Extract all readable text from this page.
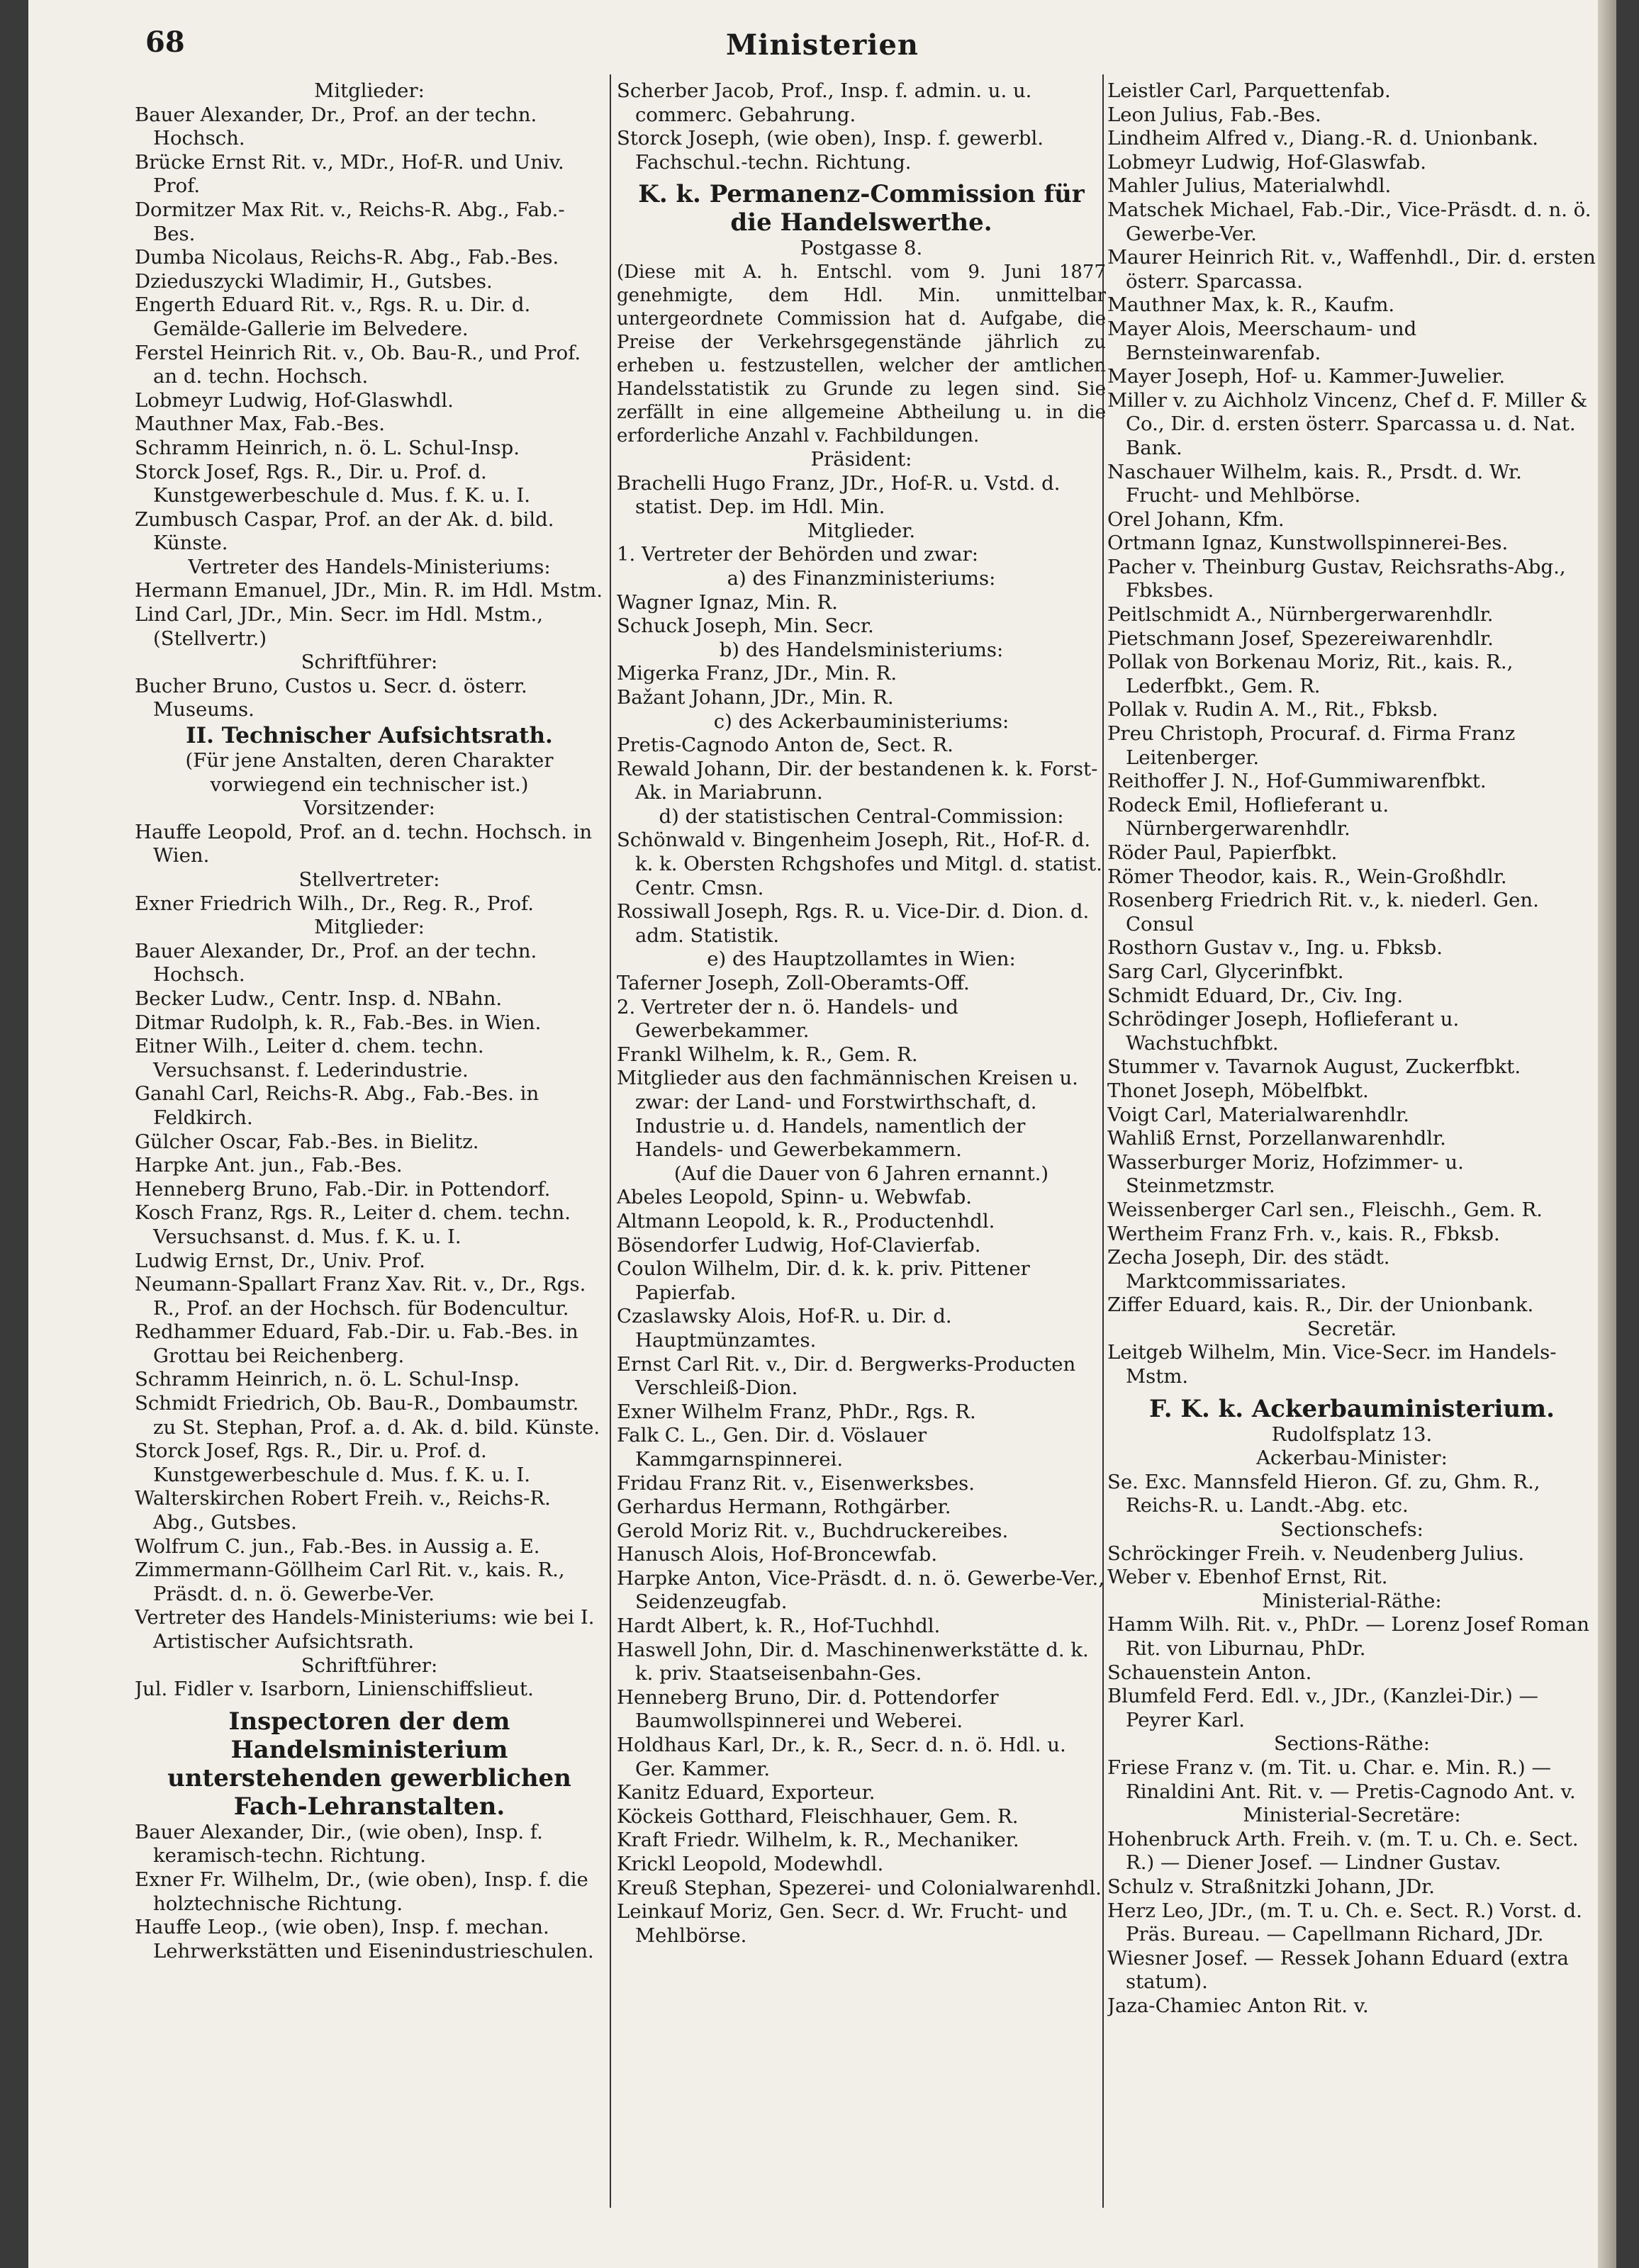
68	Ministerien

Mitglieder:

Bauer Alexander, Dr., Prof. an der techn. Hochsch.

Brücke Ernst Rit. v., MDr., Hof-R. und Univ. Prof.

Dormitzer Max Rit. v., Reichs-R. Abg., Fab.-Bes.

Dumba Nicolaus, Reichs-R. Abg., Fab.-Bes.

Dzieduszycki Wladimir, H., Gutsbes.

Engerth Eduard Rit. v., Rgs. R. u. Dir. d. Gemälde-Gallerie im Belvedere.

Ferstel Heinrich Rit. v., Ob. Bau-R., und Prof. an d. techn. Hochsch.

Lobmeyr Ludwig, Hof-Glaswhdl.

Mauthner Max, Fab.-Bes.

Schramm Heinrich, n. ö. L. Schul-Insp.

Storck Josef, Rgs. R., Dir. u. Prof. d. Kunstgewerbeschule d. Mus. f. K. u. I.

Zumbusch Caspar, Prof. an der Ak. d. bild. Künste.

Vertreter des Handels-Ministeriums:

Hermann Emanuel, JDr., Min. R. im Hdl. Mstm.

Lind Carl, JDr., Min. Secr. im Hdl. Mstm., (Stellvertr.)

Schriftführer:

Bucher Bruno, Custos u. Secr. d. österr. Museums.

II. Technischer Aufsichtsrath.

(Für jene Anstalten, deren Charakter vorwiegend ein technischer ist.)

Vorsitzender:

Hauffe Leopold, Prof. an d. techn. Hochsch. in Wien.

Stellvertreter:

Exner Friedrich Wilh., Dr., Reg. R., Prof.

Mitglieder:

Bauer Alexander, Dr., Prof. an der techn. Hochsch.

Becker Ludw., Centr. Insp. d. NBahn.

Ditmar Rudolph, k. R., Fab.-Bes. in Wien.

Eitner Wilh., Leiter d. chem. techn. Versuchsanst. f. Lederindustrie.

Ganahl Carl, Reichs-R. Abg., Fab.-Bes. in Feldkirch.

Gülcher Oscar, Fab.-Bes. in Bielitz.

Harpke Ant. jun., Fab.-Bes.

Henneberg Bruno, Fab.-Dir. in Pottendorf.

Kosch Franz, Rgs. R., Leiter d. chem. techn. Versuchsanst. d. Mus. f. K. u. I.

Ludwig Ernst, Dr., Univ. Prof.

Neumann-Spallart Franz Xav. Rit. v., Dr., Rgs. R., Prof. an der Hochsch. für Bodencultur.

Redhammer Eduard, Fab.-Dir. u. Fab.-Bes. in Grottau bei Reichenberg.

Schramm Heinrich, n. ö. L. Schul-Insp.

Schmidt Friedrich, Ob. Bau-R., Dombaumstr. zu St. Stephan, Prof. a. d. Ak. d. bild. Künste.

Storck Josef, Rgs. R., Dir. u. Prof. d. Kunstgewerbeschule d. Mus. f. K. u. I.

Walterskirchen Robert Freih. v., Reichs-R. Abg., Gutsbes.

Wolfrum C. jun., Fab.-Bes. in Aussig a. E.

Zimmermann-Göllheim Carl Rit. v., kais. R., Präsdt. d. n. ö. Gewerbe-Ver.

Vertreter des Handels-Ministeriums: wie bei I. Artistischer Aufsichtsrath.

Schriftführer:

Jul. Fidler v. Isarborn, Linienschiffslieut.

Inspectoren der dem Handelsministerium unterstehenden gewerblichen Fach-Lehranstalten.

Bauer Alexander, Dir., (wie oben), Insp. f. keramisch-techn. Richtung.

Exner Fr. Wilhelm, Dr., (wie oben), Insp. f. die holztechnische Richtung.

Hauffe Leop., (wie oben), Insp. f. mechan. Lehrwerkstätten und Eisenindustrieschulen.

Scherber Jacob, Prof., Insp. f. admin. u. u. commerc. Gebahrung.

Storck Joseph, (wie oben), Insp. f. gewerbl. Fachschul.-techn. Richtung.

K. k. Permanenz-Commission für die Handelswerthe.

Postgasse 8.

(Diese mit A. h. Entschl. vom 9. Juni 1877 genehmigte, dem Hdl. Min. unmittelbar untergeordnete Commission hat d. Aufgabe, die Preise der Verkehrsgegenstände jährlich zu erheben u. festzustellen, welcher der amtlichen Handelsstatistik zu Grunde zu legen sind. Sie zerfällt in eine allgemeine Abtheilung u. in die erforderliche Anzahl v. Fachbildungen.

Präsident:

Brachelli Hugo Franz, JDr., Hof-R. u. Vstd. d. statist. Dep. im Hdl. Min.

Mitglieder.

1. Vertreter der Behörden und zwar:

a) des Finanzministeriums:

Wagner Ignaz, Min. R.

Schuck Joseph, Min. Secr.

b) des Handelsministeriums:

Migerka Franz, JDr., Min. R.

Bažant Johann, JDr., Min. R.

c) des Ackerbauministeriums:

Pretis-Cagnodo Anton de, Sect. R.

Rewald Johann, Dir. der bestandenen k. k. Forst-Ak. in Mariabrunn.

d) der statistischen Central-Commission:

Schönwald v. Bingenheim Joseph, Rit., Hof-R. d. k. k. Obersten Rchgshofes und Mitgl. d. statist. Centr. Cmsn.

Rossiwall Joseph, Rgs. R. u. Vice-Dir. d. Dion. d. adm. Statistik.

e) des Hauptzollamtes in Wien:

Taferner Joseph, Zoll-Oberamts-Off.

2. Vertreter der n. ö. Handels- und Gewerbekammer.

Frankl Wilhelm, k. R., Gem. R.

Mitglieder aus den fachmännischen Kreisen u. zwar: der Land- und Forstwirthschaft, d. Industrie u. d. Handels, namentlich der Handels- und Gewerbekammern.

(Auf die Dauer von 6 Jahren ernannt.)

Abeles Leopold, Spinn- u. Webwfab.

Altmann Leopold, k. R., Productenhdl.

Bösendorfer Ludwig, Hof-Clavierfab.

Coulon Wilhelm, Dir. d. k. k. priv. Pittener Papierfab.

Czaslawsky Alois, Hof-R. u. Dir. d. Hauptmünzamtes.

Ernst Carl Rit. v., Dir. d. Bergwerks-Producten Verschleiß-Dion.

Exner Wilhelm Franz, PhDr., Rgs. R.

Falk C. L., Gen. Dir. d. Vöslauer Kammgarnspinnerei.

Fridau Franz Rit. v., Eisenwerksbes.

Gerhardus Hermann, Rothgärber.

Gerold Moriz Rit. v., Buchdruckereibes.

Hanusch Alois, Hof-Broncewfab.

Harpke Anton, Vice-Präsdt. d. n. ö. Gewerbe-Ver., Seidenzeugfab.

Hardt Albert, k. R., Hof-Tuchhdl.

Haswell John, Dir. d. Maschinenwerkstätte d. k. k. priv. Staatseisenbahn-Ges.

Henneberg Bruno, Dir. d. Pottendorfer Baumwollspinnerei und Weberei.

Holdhaus Karl, Dr., k. R., Secr. d. n. ö. Hdl. u. Ger. Kammer.

Kanitz Eduard, Exporteur.

Köckeis Gotthard, Fleischhauer, Gem. R.

Kraft Friedr. Wilhelm, k. R., Mechaniker.

Krickl Leopold, Modewhdl.

Kreuß Stephan, Spezerei- und Colonialwarenhdl.

Leinkauf Moriz, Gen. Secr. d. Wr. Frucht- und Mehlbörse.

Leistler Carl, Parquettenfab.

Leon Julius, Fab.-Bes.

Lindheim Alfred v., Diang.-R. d. Unionbank.

Lobmeyr Ludwig, Hof-Glaswfab.

Mahler Julius, Materialwhdl.

Matschek Michael, Fab.-Dir., Vice-Präsdt. d. n. ö. Gewerbe-Ver.

Maurer Heinrich Rit. v., Waffenhdl., Dir. d. ersten österr. Sparcassa.

Mauthner Max, k. R., Kaufm.

Mayer Alois, Meerschaum- und Bernsteinwarenfab.

Mayer Joseph, Hof- u. Kammer-Juwelier.

Miller v. zu Aichholz Vincenz, Chef d. F. Miller & Co., Dir. d. ersten österr. Sparcassa u. d. Nat. Bank.

Naschauer Wilhelm, kais. R., Prsdt. d. Wr. Frucht- und Mehlbörse.

Orel Johann, Kfm.

Ortmann Ignaz, Kunstwollspinnerei-Bes.

Pacher v. Theinburg Gustav, Reichsraths-Abg., Fbksbes.

Peitlschmidt A., Nürnbergerwarenhdlr.

Pietschmann Josef, Spezereiwarenhdlr.

Pollak von Borkenau Moriz, Rit., kais. R., Lederfbkt., Gem. R.

Pollak v. Rudin A. M., Rit., Fbksb.

Preu Christoph, Procuraf. d. Firma Franz Leitenberger.

Reithoffer J. N., Hof-Gummiwarenfbkt.

Rodeck Emil, Hoflieferant u. Nürnbergerwarenhdlr.

Röder Paul, Papierfbkt.

Römer Theodor, kais. R., Wein-Großhdlr.

Rosenberg Friedrich Rit. v., k. niederl. Gen. Consul

Rosthorn Gustav v., Ing. u. Fbksb.

Sarg Carl, Glycerinfbkt.

Schmidt Eduard, Dr., Civ. Ing.

Schrödinger Joseph, Hoflieferant u. Wachstuchfbkt.

Stummer v. Tavarnok August, Zuckerfbkt.

Thonet Joseph, Möbelfbkt.

Voigt Carl, Materialwarenhdlr.

Wahliß Ernst, Porzellanwarenhdlr.

Wasserburger Moriz, Hofzimmer- u. Steinmetzmstr.

Weissenberger Carl sen., Fleischh., Gem. R.

Wertheim Franz Frh. v., kais. R., Fbksb.

Zecha Joseph, Dir. des städt. Marktcommissariates.

Ziffer Eduard, kais. R., Dir. der Unionbank.

Secretär.

Leitgeb Wilhelm, Min. Vice-Secr. im Handels-Mstm.

F. K. k. Ackerbauministerium.

Rudolfsplatz 13.

Ackerbau-Minister:

Se. Exc. Mannsfeld Hieron. Gf. zu, Ghm. R., Reichs-R. u. Landt.-Abg. etc.

Sectionschefs:

Schröckinger Freih. v. Neudenberg Julius.

Weber v. Ebenhof Ernst, Rit.

Ministerial-Räthe:

Hamm Wilh. Rit. v., PhDr. — Lorenz Josef Roman Rit. von Liburnau, PhDr.

Schauenstein Anton.

Blumfeld Ferd. Edl. v., JDr., (Kanzlei-Dir.) — Peyrer Karl.

Sections-Räthe:

Friese Franz v. (m. Tit. u. Char. e. Min. R.) — Rinaldini Ant. Rit. v. — Pretis-Cagnodo Ant. v.

Ministerial-Secretäre:

Hohenbruck Arth. Freih. v. (m. T. u. Ch. e. Sect. R.) — Diener Josef. — Lindner Gustav.

Schulz v. Straßnitzki Johann, JDr.

Herz Leo, JDr., (m. T. u. Ch. e. Sect. R.) Vorst. d. Präs. Bureau. — Capellmann Richard, JDr.

Wiesner Josef. — Ressek Johann Eduard (extra statum).

Jaza-Chamiec Anton Rit. v.
